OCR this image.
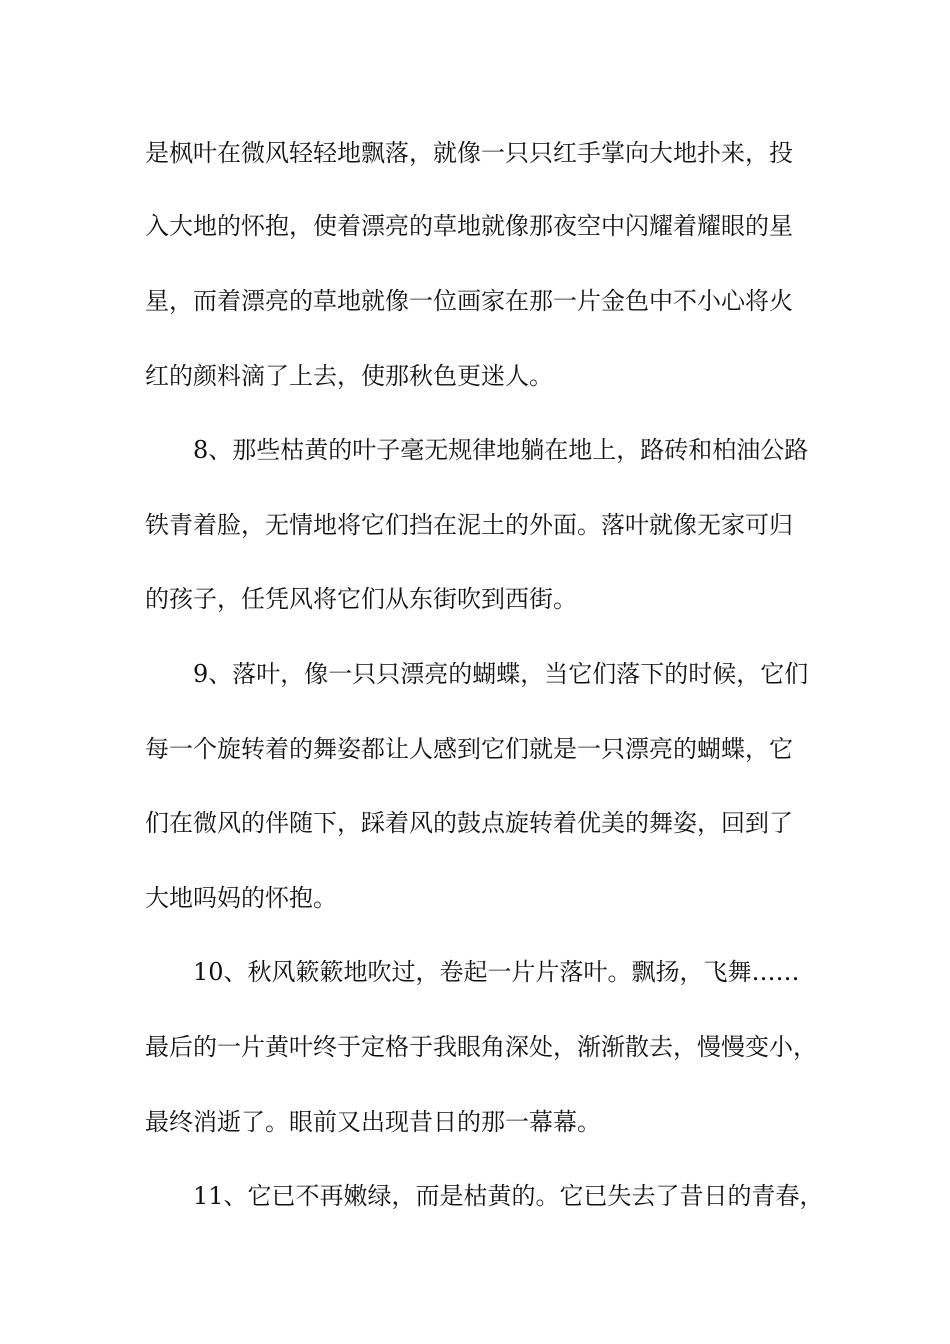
是枫叶在微风轻轻地飘落，就像一只只红手掌向大地扑来，投
入大地的怀抱，使着漂亮的草地就像那夜空中闪耀着耀眼的星
星，而着漂亮的草地就像一位画家在那一片金色中不小心将火
红的颜料滴了上去，使那秋色更迷人。
8、那些枯黄的叶子毫无规律地躺在地上，路砖和柏油公路
铁青着脸，无情地将它们挡在泥土的外面。落叶就像无家可归
的孩子，任凭风将它们从东街吹到西街。
9、落叶，像一只只漂亮的蝴蝶，当它们落下的时候，它们
每一个旋转着的舞姿都让人感到它们就是一只漂亮的蝴蝶，它
们在微风的伴随下，踩着风的鼓点旋转着优美的舞姿，回到了
大地吗妈的怀抱。
10、秋风簌簌地吹过，卷起一片片落叶。飘扬，飞舞……
最后的一片黄叶终于定格于我眼角深处，渐渐散去，慢慢变小，
最终消逝了。眼前又出现昔日的那一幕幕。
11、它已不再嫩绿，而是枯黄的。它已失去了昔日的青春，
